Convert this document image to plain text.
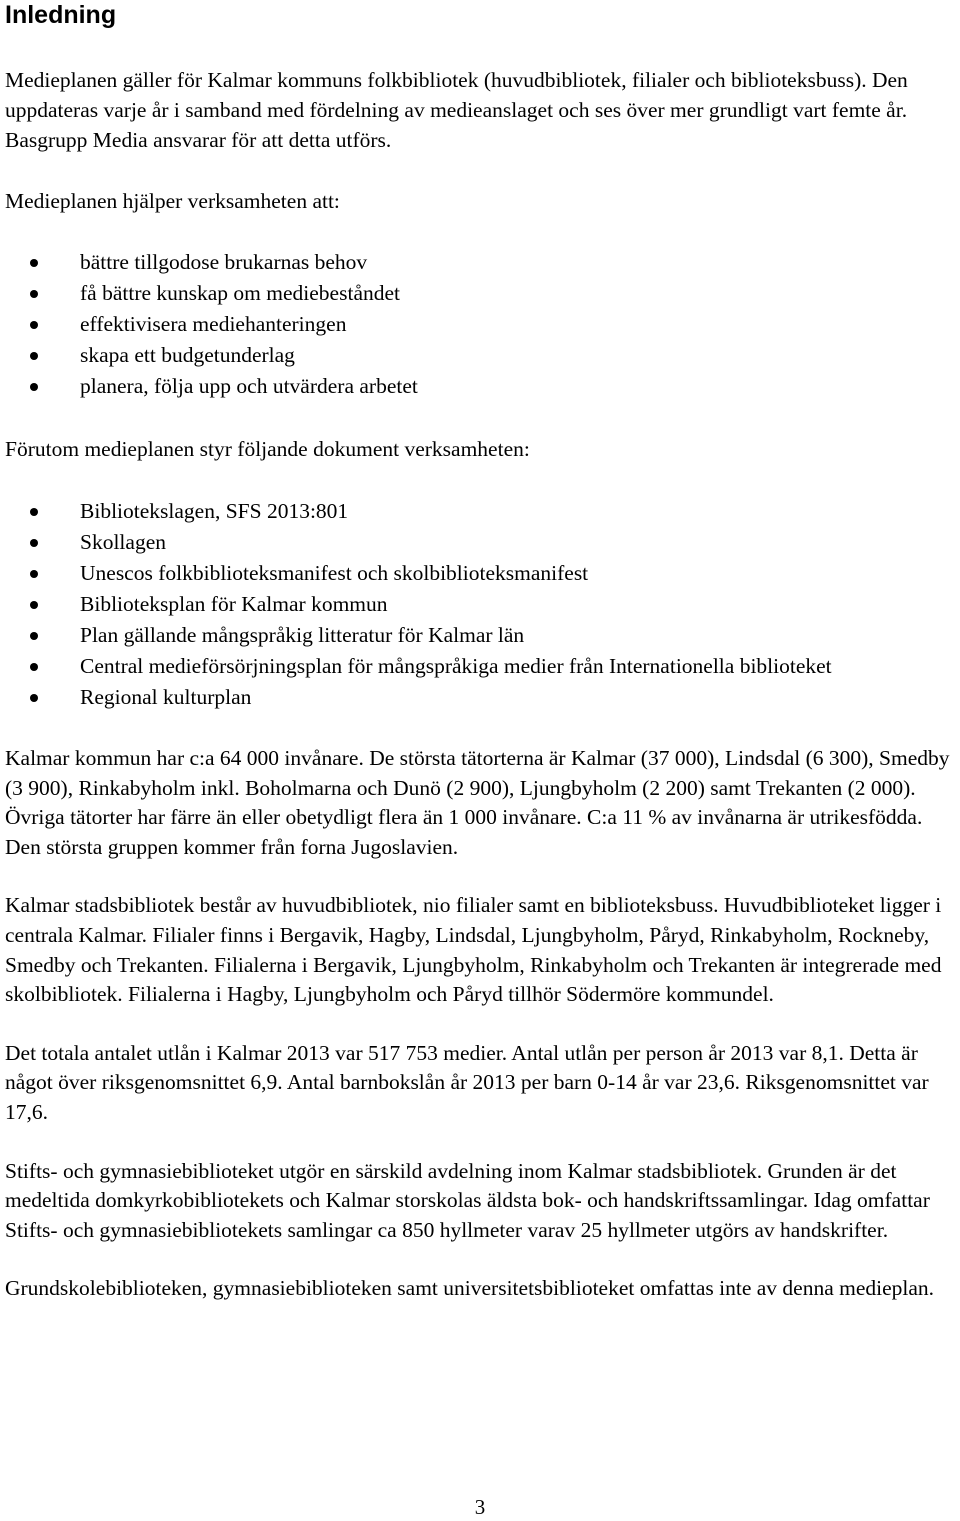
Inledning

Medieplanen gäller för Kalmar kommuns folkbibliotek (huvudbibliotek, filialer och biblioteksbuss). Den uppdateras varje år i samband med fördelning av medieanslaget och ses över mer grundligt vart femte år. Basgrupp Media ansvarar för att detta utförs.

Medieplanen hjälper verksamheten att:

bättre tillgodose brukarnas behov
få bättre kunskap om mediebeståndet
effektivisera mediehanteringen
skapa ett budgetunderlag
planera, följa upp och utvärdera arbetet

Förutom medieplanen styr följande dokument verksamheten:

Bibliotekslagen, SFS 2013:801
Skollagen
Unescos folkbiblioteksmanifest och skolbiblioteksmanifest
Biblioteksplan för Kalmar kommun
Plan gällande mångspråkig litteratur för Kalmar län
Central medieförsörjningsplan för mångspråkiga medier från Internationella biblioteket
Regional kulturplan

Kalmar kommun har c:a 64 000 invånare. De största tätorterna är Kalmar (37 000), Lindsdal (6 300), Smedby (3 900), Rinkabyholm inkl. Boholmarna och Dunö (2 900), Ljungbyholm (2 200) samt Trekanten (2 000). Övriga tätorter har färre än eller obetydligt flera än 1 000 invånare. C:a 11 % av invånarna är utrikesfödda. Den största gruppen kommer från forna Jugoslavien.

Kalmar stadsbibliotek består av huvudbibliotek, nio filialer samt en biblioteksbuss. Huvudbiblioteket ligger i centrala Kalmar. Filialer finns i Bergavik, Hagby, Lindsdal, Ljungbyholm, Påryd, Rinkabyholm, Rockneby, Smedby och Trekanten. Filialerna i Bergavik, Ljungbyholm, Rinkabyholm och Trekanten är integrerade med skolbibliotek. Filialerna i Hagby, Ljungbyholm och Påryd tillhör Södermöre kommundel.

Det totala antalet utlån i Kalmar 2013 var 517 753 medier. Antal utlån per person år 2013 var 8,1. Detta är något över riksgenomsnittet 6,9. Antal barnbokslån år 2013 per barn 0-14 år var 23,6. Riksgenomsnittet var 17,6.

Stifts- och gymnasiebiblioteket utgör en särskild avdelning inom Kalmar stadsbibliotek. Grunden är det medeltida domkyrkobibliotekets och Kalmar storskolas äldsta bok- och handskriftssamlingar. Idag omfattar Stifts- och gymnasiebibliotekets samlingar ca 850 hyllmeter varav 25 hyllmeter utgörs av handskrifter.

Grundskolebiblioteken, gymnasiebiblioteken samt universitetsbiblioteket omfattas inte av denna medieplan.

3
